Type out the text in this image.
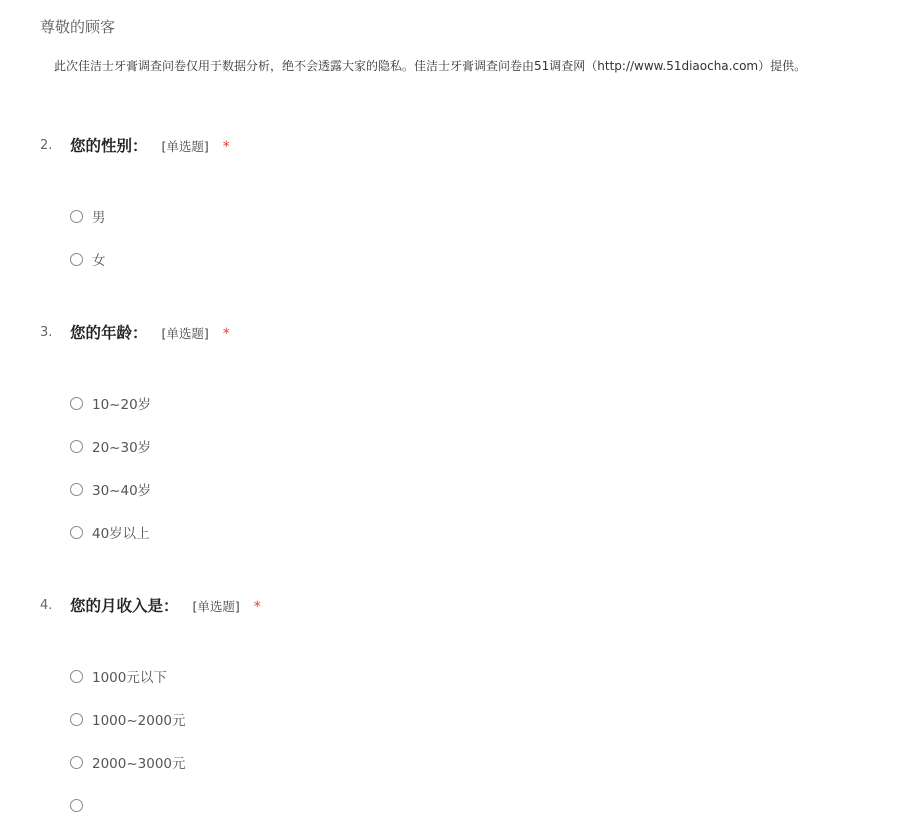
尊敬的顾客
此次佳洁士牙膏调查问卷仅用于数据分析，绝不会透露大家的隐私。佳洁士牙膏调查问卷由51调查网（http://www.51diaocha.com）提供。
2. 您的性别： [单选题] *
男
女
3. 您的年龄： [单选题] *
10~20岁
20~30岁
30~40岁
40岁以上
4. 您的月收入是： [单选题] *
1000元以下
1000~2000元
2000~3000元
